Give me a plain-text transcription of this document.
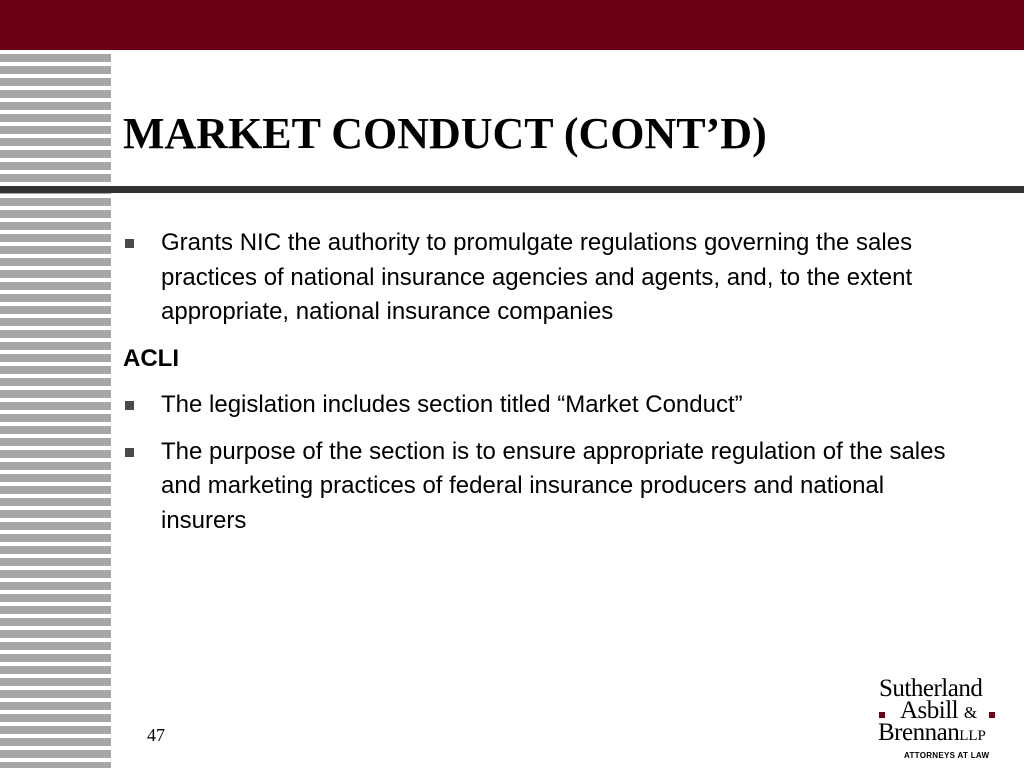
MARKET CONDUCT (CONT’D)
Grants NIC the authority to promulgate regulations governing the sales practices of national insurance agencies and agents, and, to the extent appropriate, national insurance companies
ACLI
The legislation includes section titled “Market Conduct”
The purpose of the section is to ensure appropriate regulation of the sales and marketing practices of federal insurance producers and national insurers
47
Sutherland
Asbill &
BrennanLLP
ATTORNEYS AT LAW
